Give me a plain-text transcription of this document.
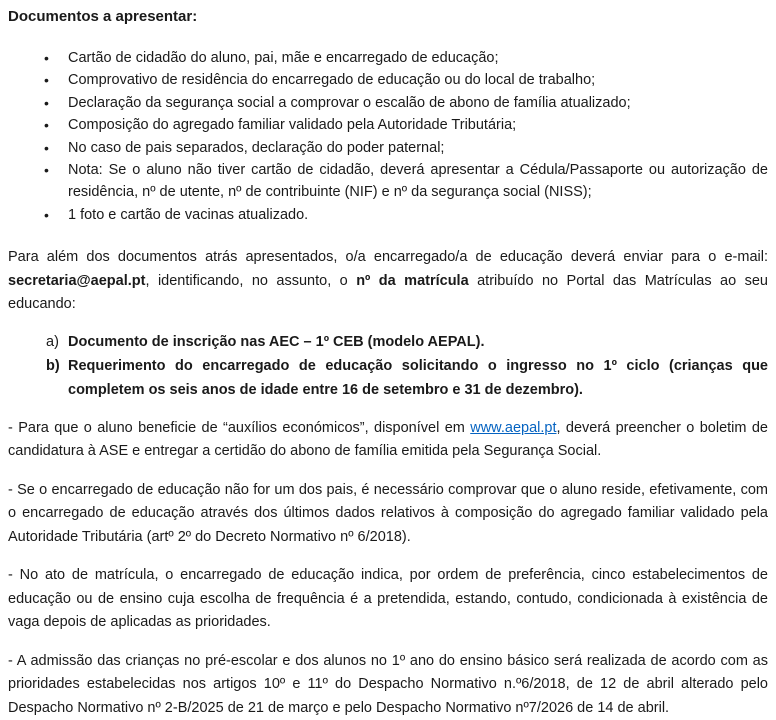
Documentos a apresentar:
• Cartão de cidadão do aluno, pai, mãe e encarregado de educação;
• Comprovativo de residência do encarregado de educação ou do local de trabalho;
• Declaração da segurança social a comprovar o escalão de abono de família atualizado;
• Composição do agregado familiar validado pela Autoridade Tributária;
• No caso de pais separados, declaração do poder paternal;
• Nota: Se o aluno não tiver cartão de cidadão, deverá apresentar a Cédula/Passaporte ou autorização de residência, nº de utente, nº de contribuinte (NIF) e nº da segurança social (NISS);
• 1 foto e cartão de vacinas atualizado.

Para além dos documentos atrás apresentados, o/a encarregado/a de educação deverá enviar para o e-mail: secretaria@aepal.pt, identificando, no assunto, o nº da matrícula atribuído no Portal das Matrículas ao seu educando:

a) Documento de inscrição nas AEC – 1º CEB (modelo AEPAL).
b) Requerimento do encarregado de educação solicitando o ingresso no 1º ciclo (crianças que completem os seis anos de idade entre 16 de setembro e 31 de dezembro).

- Para que o aluno beneficie de “auxílios económicos”, disponível em www.aepal.pt, deverá preencher o boletim de candidatura à ASE e entregar a certidão do abono de família emitida pela Segurança Social.

- Se o encarregado de educação não for um dos pais, é necessário comprovar que o aluno reside, efetivamente, com o encarregado de educação através dos últimos dados relativos à composição do agregado familiar validado pela Autoridade Tributária (artº 2º do Decreto Normativo nº 6/2018).

- No ato de matrícula, o encarregado de educação indica, por ordem de preferência, cinco estabelecimentos de educação ou de ensino cuja escolha de frequência é a pretendida, estando, contudo, condicionada à existência de vaga depois de aplicadas as prioridades.

- A admissão das crianças no pré-escolar e dos alunos no 1º ano do ensino básico será realizada de acordo com as prioridades estabelecidas nos artigos 10º e 11º do Despacho Normativo n.º6/2018, de 12 de abril alterado pelo Despacho Normativo nº 2-B/2025 de 21 de março e pelo Despacho Normativo nº7/2026 de 14 de abril.
